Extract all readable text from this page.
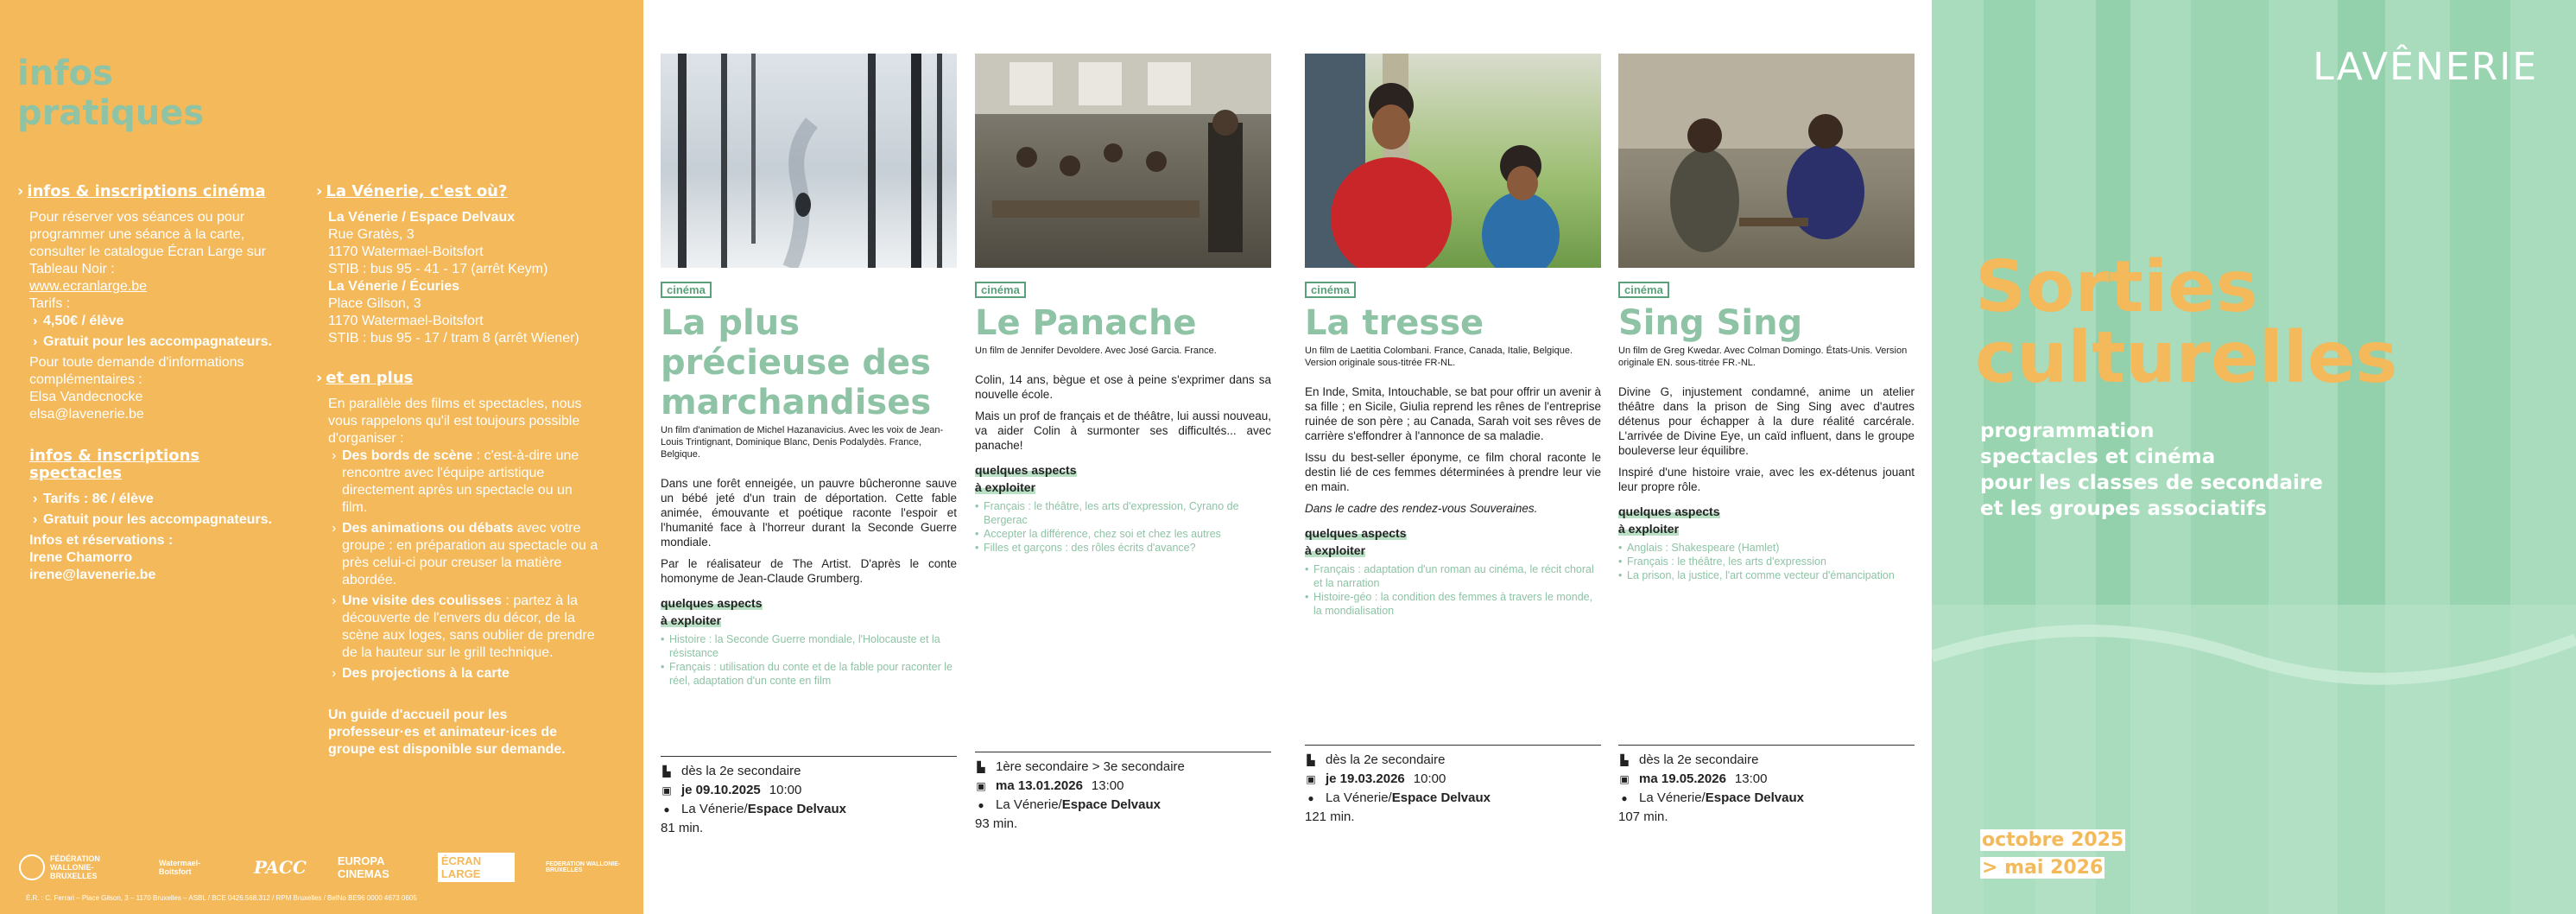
infos
pratiques
› infos & inscriptions cinéma

Pour réserver vos séances ou pour programmer une séance à la carte, consulter le catalogue Écran Large sur Tableau Noir :

www.ecranlarge.be

Tarifs :

› 4,50€ / élève
› Gratuit pour les accompagnateurs.

Pour toute demande d'informations complémentaires :

Elsa Vandecnocke

elsa@lavenerie.be

infos & inscriptions spectacles
› Tarifs : 8€ / élève
› Gratuit pour les accompagnateurs.

Infos et réservations :

Irene Chamorro

irene@lavenerie.be

› La Vénerie, c'est où?

La Vénerie / Espace Delvaux

Rue Gratès, 3

1170 Watermael-Boitsfort

STIB : bus 95 - 41 - 17 (arrêt Keym)

La Vénerie / Écuries

Place Gilson, 3

1170 Watermael-Boitsfort

STIB : bus 95 - 17 / tram 8 (arrêt Wiener)

› et en plus

En parallèle des films et spectacles, nous vous rappelons qu'il est toujours possible d'organiser :

› Des bords de scène : c'est-à-dire une rencontre avec l'équipe artistique directement après un spectacle ou un film.
› Des animations ou débats avec votre groupe : en préparation au spectacle ou a près celui-ci pour creuser la matière abordée.
› Une visite des coulisses : partez à la découverte de l'envers du décor, de la scène aux loges, sans oublier de prendre de la hauteur sur le grill technique.
› Des projections à la carte

Un guide d'accueil pour les professeur·es et animateur·ices de groupe est disponible sur demande.

FÉDÉRATION WALLONIE-BRUXELLES
Watermael-Boitsfort	PACC	EUROPA CINEMAS
ÉCRAN LARGE
FEDERATION WALLONIE-BRUXELLES
É.R. : C. Ferrari – Place Gilson, 3 – 1170 Bruxelles – ASBL / BCE 0426.568.312 / RPM Bruxelles / BelNo BE96 0000 4673 0605
cinéma
La plus précieuse des marchandises
Un film d'animation de Michel Hazanavicius. Avec les voix de Jean-Louis Trintignant, Dominique Blanc, Denis Podalydès. France, Belgique.

Dans une forêt enneigée, un pauvre bûcheronne sauve un bébé jeté d'un train de déportation. Cette fable animée, émouvante et poétique raconte l'espoir et l'humanité face à l'horreur durant la Seconde Guerre mondiale.

Par le réalisateur de The Artist. D'après le conte homonyme de Jean-Claude Grumberg.

quelques aspects
à exploiter
• Histoire : la Seconde Guerre mondiale, l'Holocauste et la résistance
• Français : utilisation du conte et de la fable pour raconter le réel, adaptation d'un conte en film
▙ dès la 2e secondaire
▣ je 09.10.2025 10:00
● La Vénerie/Espace Delvaux
81 min.
cinéma
Le Panache
Un film de Jennifer Devoldere. Avec José Garcia. France.

Colin, 14 ans, bègue et ose à peine s'exprimer dans sa nouvelle école.

Mais un prof de français et de théâtre, lui aussi nouveau, va aider Colin à surmonter ses difficultés... avec panache!

quelques aspects
à exploiter
• Français : le théâtre, les arts d'expression, Cyrano de Bergerac
• Accepter la différence, chez soi et chez les autres
• Filles et garçons : des rôles écrits d'avance?
▙ 1ère secondaire > 3e secondaire
▣ ma 13.01.2026 13:00
● La Vénerie/Espace Delvaux
93 min.
cinéma
La tresse
Un film de Laetitia Colombani. France, Canada, Italie, Belgique. Version originale sous-titrée FR-NL.

En Inde, Smita, Intouchable, se bat pour offrir un avenir à sa fille ; en Sicile, Giulia reprend les rênes de l'entreprise ruinée de son père ; au Canada, Sarah voit ses rêves de carrière s'effondrer à l'annonce de sa maladie.

Issu du best-seller éponyme, ce film choral raconte le destin lié de ces femmes déterminées à prendre leur vie en main.

Dans le cadre des rendez-vous Souveraines.

quelques aspects
à exploiter
• Français : adaptation d'un roman au cinéma, le récit choral et la narration
• Histoire-géo : la condition des femmes à travers le monde, la mondialisation
▙ dès la 2e secondaire
▣ je 19.03.2026 10:00
● La Vénerie/Espace Delvaux
121 min.
cinéma
Sing Sing
Un film de Greg Kwedar. Avec Colman Domingo. États-Unis. Version originale EN. sous-titrée FR.-NL.

Divine G, injustement condamné, anime un atelier théâtre dans la prison de Sing Sing avec d'autres détenus pour échapper à la dure réalité carcérale. L'arrivée de Divine Eye, un caïd influent, dans le groupe bouleverse leur équilibre.

Inspiré d'une histoire vraie, avec les ex-détenus jouant leur propre rôle.

quelques aspects
à exploiter
• Anglais : Shakespeare (Hamlet)
• Français : le théâtre, les arts d'expression
• La prison, la justice, l'art comme vecteur d'émancipation
▙ dès la 2e secondaire
▣ ma 19.05.2026 13:00
● La Vénerie/Espace Delvaux
107 min.
LAVÊNERIE
Sorties
culturelles
programmation
spectacles et cinéma
pour les classes de secondaire
et les groupes associatifs
octobre 2025
> mai 2026
